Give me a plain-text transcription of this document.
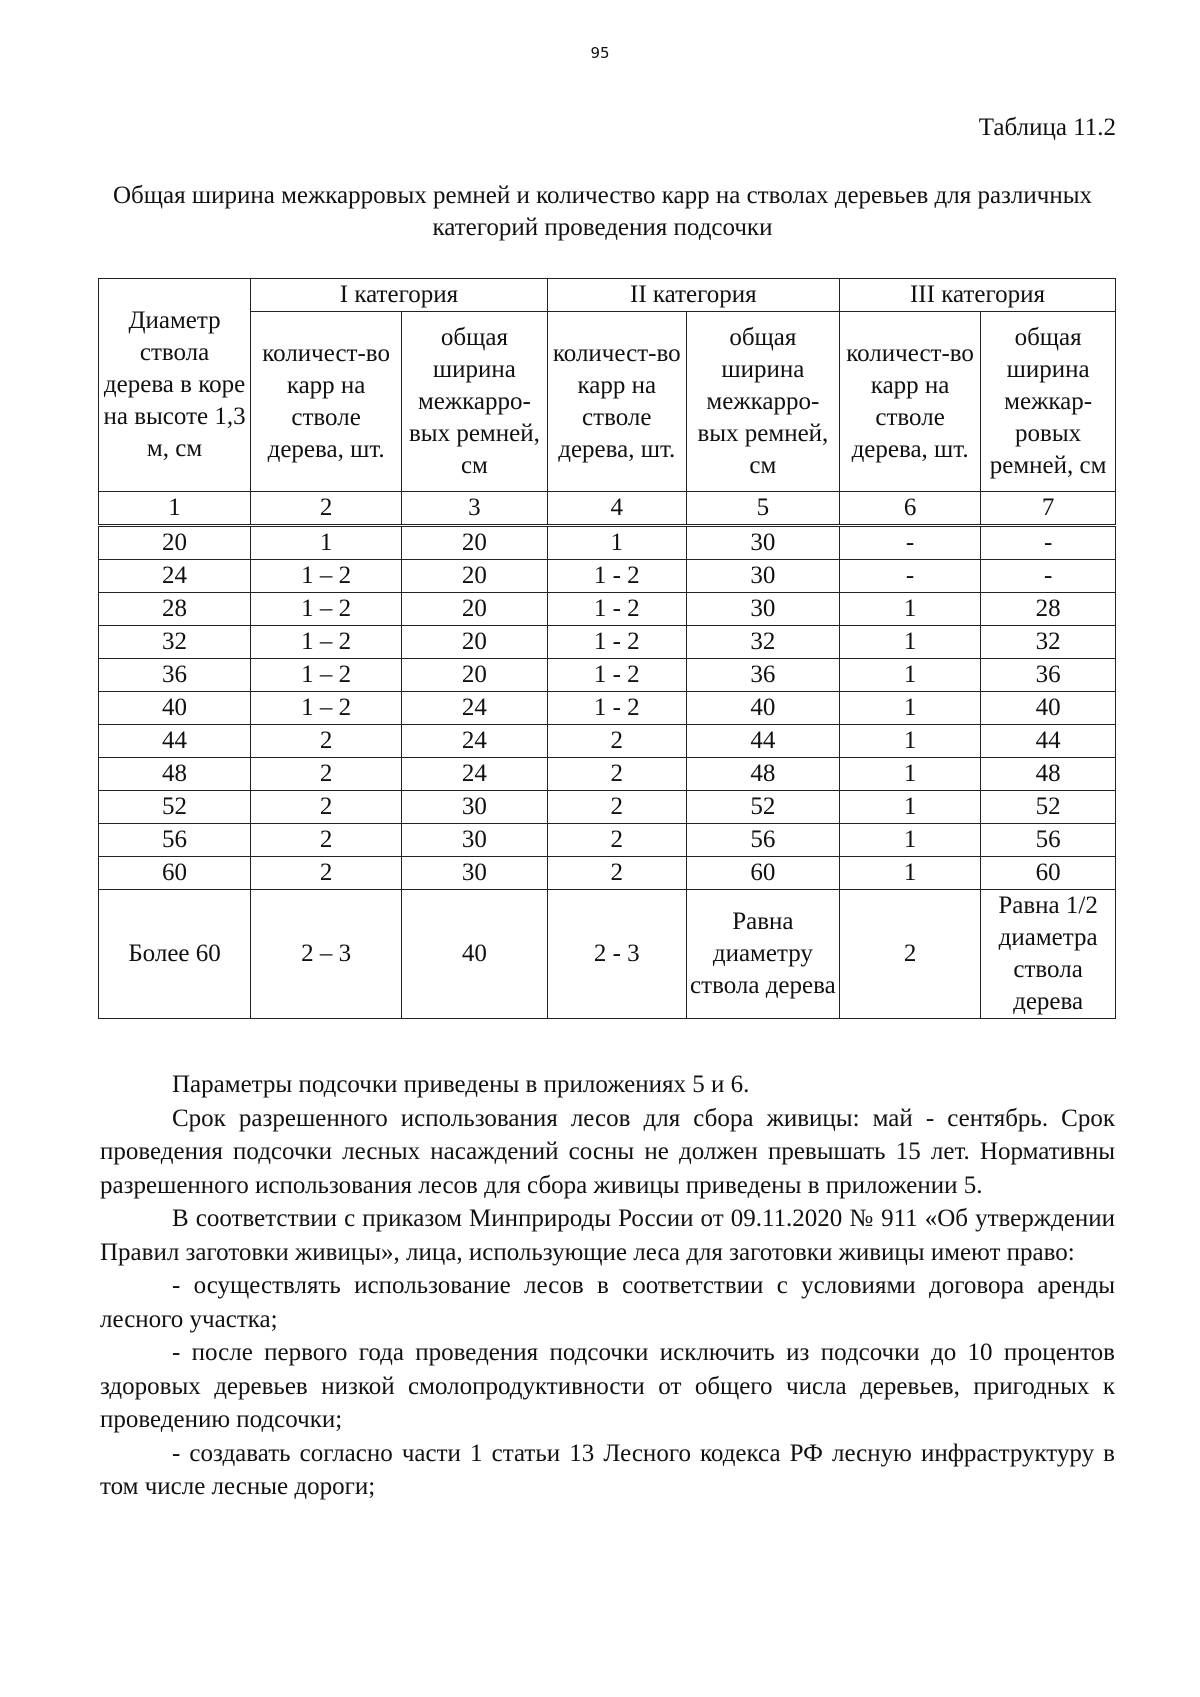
95
Таблица 11.2
Общая ширина межкарровых ремней и количество карр на стволах деревьев для различных категорий проведения подсочки
Диаметр ствола дерева в коре на высоте 1,3 м, см	I категория		II категория		III категория	
	количест-во карр на стволе дерева, шт.	общая ширина межкарро-вых ремней, см	количест-во карр на стволе дерева, шт.	общая ширина межкарро-вых ремней, см	количест-во карр на стволе дерева, шт.	общая ширина межкар-ровых ремней, см
1	2	3	4	5	6	7
20	1	20	1	30	-	-
24	1 – 2	20	1 - 2	30	-	-
28	1 – 2	20	1 - 2	30	1	28
32	1 – 2	20	1 - 2	32	1	32
36	1 – 2	20	1 - 2	36	1	36
40	1 – 2	24	1 - 2	40	1	40
44	2	24	2	44	1	44
48	2	24	2	48	1	48
52	2	30	2	52	1	52
56	2	30	2	56	1	56
60	2	30	2	60	1	60
Более 60	2 – 3	40	2 - 3	Равна диаметру ствола дерева	2	Равна 1/2 диаметра ствола дерева

Параметры подсочки приведены в приложениях 5 и 6.

Срок разрешенного использования лесов для сбора живицы: май - сентябрь. Срок проведения подсочки лесных насаждений сосны не должен превышать 15 лет. Нормативны разрешенного использования лесов для сбора живицы приведены в приложении 5.

В соответствии с приказом Минприроды России от 09.11.2020 № 911 «Об утверждении Правил заготовки живицы», лица, использующие леса для заготовки живицы имеют право:

- осуществлять использование лесов в соответствии с условиями договора аренды лесного участка;

- после первого года проведения подсочки исключить из подсочки до 10 процентов здоровых деревьев низкой смолопродуктивности от общего числа деревьев, пригодных к проведению подсочки;

- создавать согласно части 1 статьи 13 Лесного кодекса РФ лесную инфраструктуру в том числе лесные дороги;
